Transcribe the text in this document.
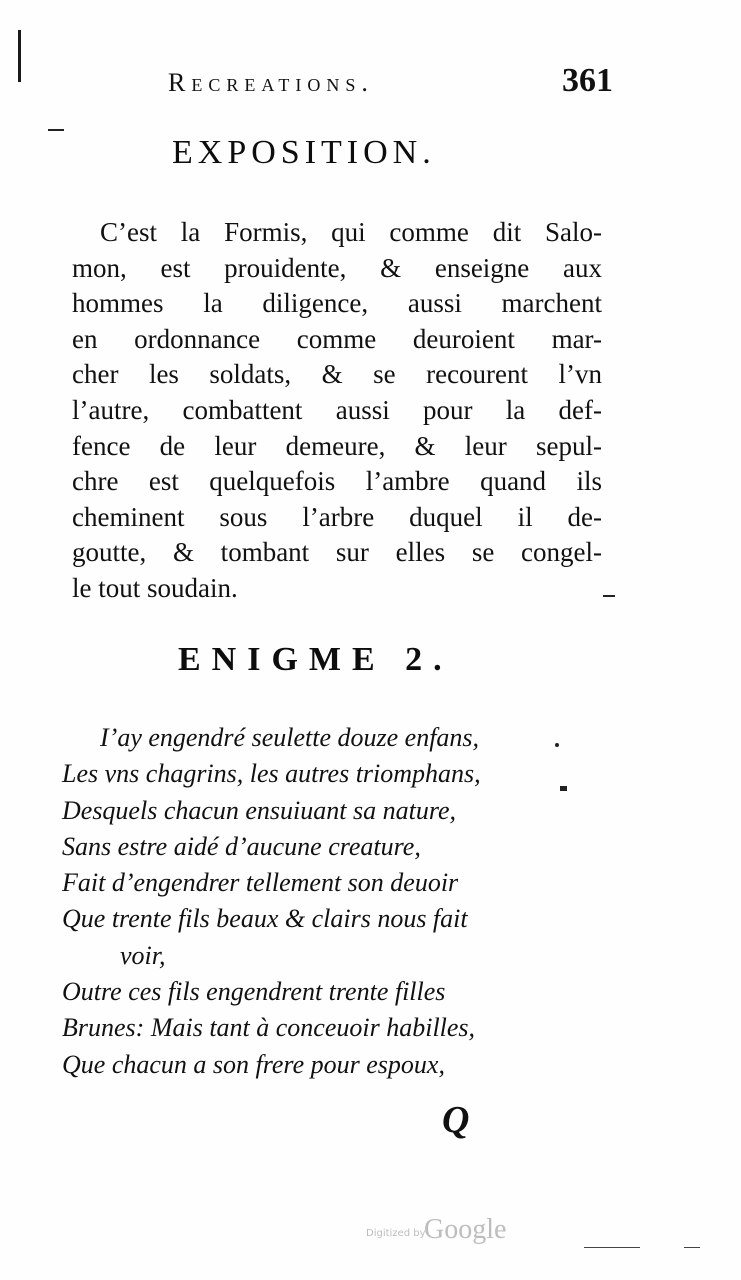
Recreations.	361
EXPOSITION.
C’est la Formis, qui comme dit Salo-
mon, est prouidente, & enseigne aux
hommes la diligence, aussi marchent
en ordonnance comme deuroient mar-
cher les soldats, & se recourent l’vn
l’autre, combattent aussi pour la def-
fence de leur demeure, & leur sepul-
chre est quelquefois l’ambre quand ils
cheminent sous l’arbre duquel il de-
goutte, & tombant sur elles se congel-
le tout soudain.
ENIGME 2.
I’ay engendré seulette douze enfans,
Les vns chagrins, les autres triomphans,
Desquels chacun ensuiuant sa nature,
Sans estre aidé d’aucune creature,
Fait d’engendrer tellement son deuoir
Que trente fils beaux & clairs nous fait
voir,
Outre ces fils engendrent trente filles
Brunes: Mais tant à conceuoir habilles,
Que chacun a son frere pour espoux,
Q
Digitized by
Google
